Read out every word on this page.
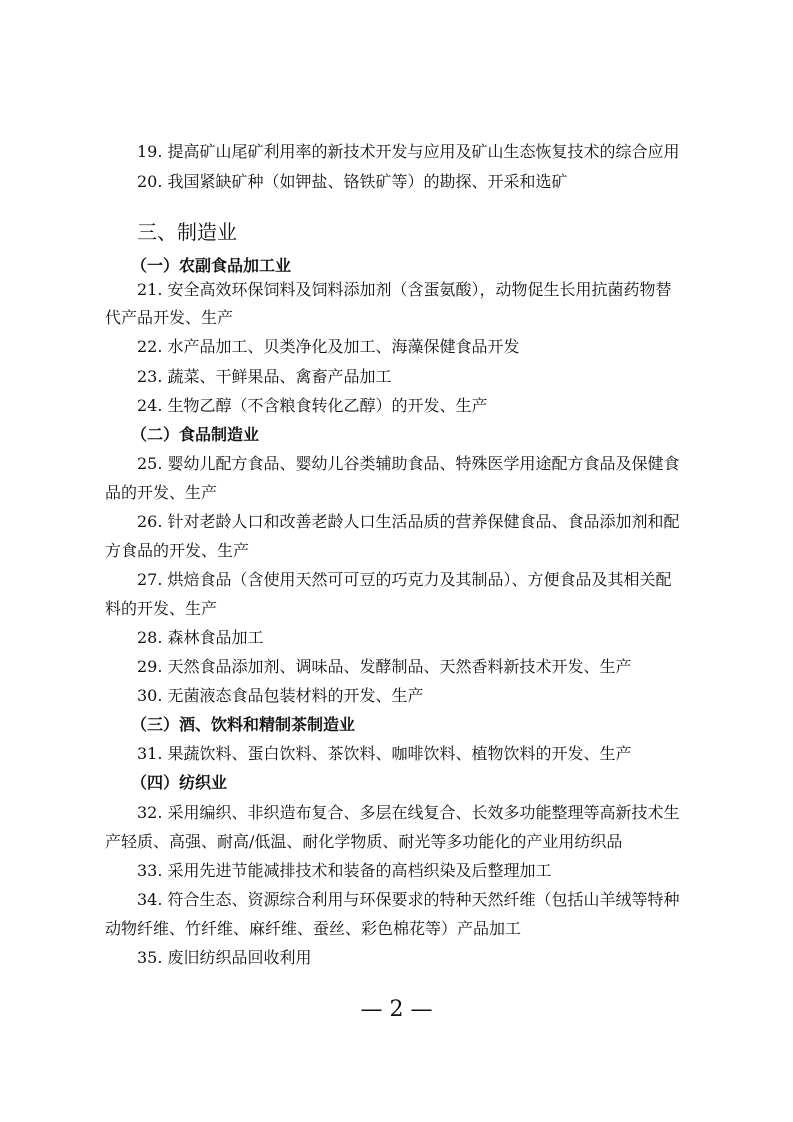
19. 提高矿山尾矿利用率的新技术开发与应用及矿山生态恢复技术的综合应用
20. 我国紧缺矿种（如钾盐、铬铁矿等）的勘探、开采和选矿
三、制造业
（一）农副食品加工业
21. 安全高效环保饲料及饲料添加剂（含蛋氨酸），动物促生长用抗菌药物替
代产品开发、生产
22. 水产品加工、贝类净化及加工、海藻保健食品开发
23. 蔬菜、干鲜果品、禽畜产品加工
24. 生物乙醇（不含粮食转化乙醇）的开发、生产
（二）食品制造业
25. 婴幼儿配方食品、婴幼儿谷类辅助食品、特殊医学用途配方食品及保健食
品的开发、生产
26. 针对老龄人口和改善老龄人口生活品质的营养保健食品、食品添加剂和配
方食品的开发、生产
27. 烘焙食品（含使用天然可可豆的巧克力及其制品）、方便食品及其相关配
料的开发、生产
28. 森林食品加工
29. 天然食品添加剂、调味品、发酵制品、天然香料新技术开发、生产
30. 无菌液态食品包装材料的开发、生产
（三）酒、饮料和精制茶制造业
31. 果蔬饮料、蛋白饮料、茶饮料、咖啡饮料、植物饮料的开发、生产
（四）纺织业
32. 采用编织、非织造布复合、多层在线复合、长效多功能整理等高新技术生
产轻质、高强、耐高/低温、耐化学物质、耐光等多功能化的产业用纺织品
33. 采用先进节能减排技术和装备的高档织染及后整理加工
34. 符合生态、资源综合利用与环保要求的特种天然纤维（包括山羊绒等特种
动物纤维、竹纤维、麻纤维、蚕丝、彩色棉花等）产品加工
35. 废旧纺织品回收利用
— 2 —
